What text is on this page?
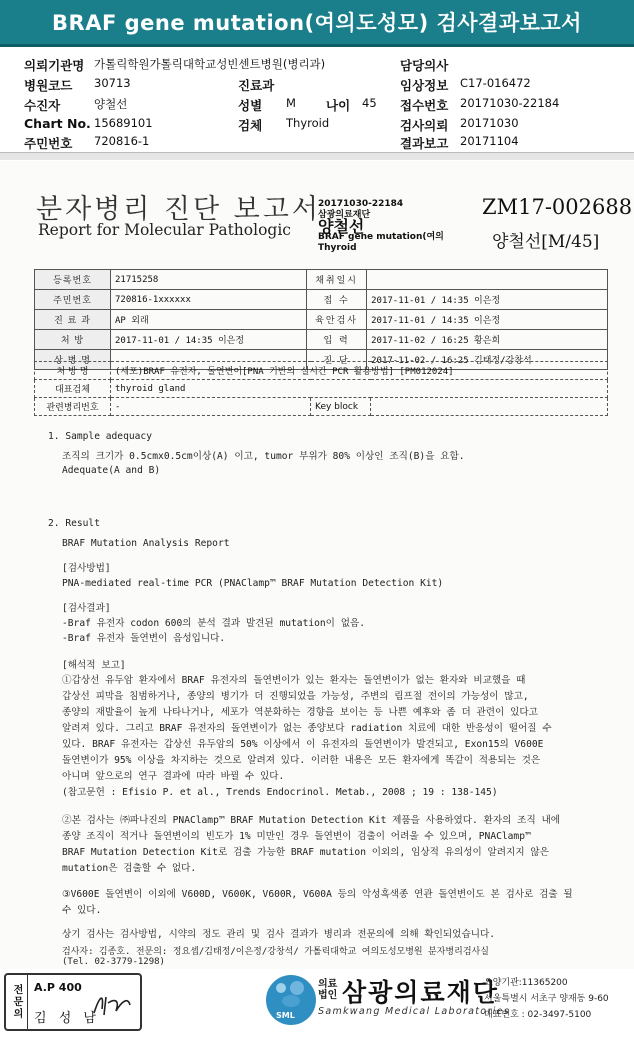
BRAF gene mutation(여의도성모) 검사결과보고서
의뢰기관명 가톨릭학원가톨릭대학교성빈센트병원(병리과)	담당의사
병원코드 30713	진료과	임상정보 C17-016472
수진자	양철선	성별 M 나이 45 접수번호 20171030-22184
Chart No. 15689101	검체 Thyroid	검사의뢰 20171030
주민번호 720816-1	결과보고 20171104
분자병리 진단 보고서
Report for Molecular Pathologic
20171030-22184
삼광의료재단
양철선
BRAF gene mutation(여의
Thyroid
ZM17-002688
양철선[M/45]
등록번호	21715258	채취일시	
주민번호	720816-1xxxxxx	접 수	2017-11-01 / 14:35 이은정
진 료 과	AP 외래	육안검사	2017-11-01 / 14:35 이은정
처 방	2017-11-01 / 14:35 이은정	입 력	2017-11-02 / 16:25 황은희
상 병 명		진 단	2017-11-02 / 16:25 김태정/강창석
처 방 명	(세포)BRAF 유전자, 돌연변이[PNA 기반의 실시간 PCR 활용방법] [PM012024]		
대표검체	thyroid gland		
관련병리번호	-	Key block	
1. Sample adequacy
조직의 크기가 0.5cmx0.5cm이상(A) 이고, tumor 부위가 80% 이상인 조직(B)을 요함.
Adequate(A and B)
2. Result
BRAF Mutation Analysis Report
[검사방법]
PNA-mediated real-time PCR (PNAClamp™ BRAF Mutation Detection Kit)
[검사결과]
-Braf 유전자 codon 600의 분석 결과 발견된 mutation이 없음.
-Braf 유전자 돌연변이 음성입니다.
[해석적 보고]
①갑상선 유두암 환자에서 BRAF 유전자의 돌연변이가 있는 환자는 돌연변이가 없는 환자와 비교했을 때
갑상선 피막을 침범하거나, 종양의 병기가 더 진행되었을 가능성, 주변의 림프절 전이의 가능성이 많고,
종양의 재발율이 높게 나타나거나, 세포가 역분화하는 경향을 보이는 등 나쁜 예후와 좀 더 관련이 있다고
알려져 있다. 그리고 BRAF 유전자의 돌연변이가 없는 종양보다 radiation 치료에 대한 반응성이 떨어질 수
있다. BRAF 유전자는 갑상선 유두암의 50% 이상에서 이 유전자의 돌연변이가 발견되고, Exon15의 V600E
돌연변이가 95% 이상을 차지하는 것으로 알려져 있다. 이러한 내용은 모든 환자에게 똑같이 적용되는 것은
아니며 앞으로의 연구 결과에 따라 바뀔 수 있다.
(참고문헌 : Efisio P. et al., Trends Endocrinol. Metab., 2008 ; 19 : 138-145)
②본 검사는 ㈜파나진의 PNAClamp™ BRAF Mutation Detection Kit 제품을 사용하였다. 환자의 조직 내에
종양 조직이 적거나 돌연변이의 빈도가 1% 미만인 경우 돌연변이 검출이 어려울 수 있으며, PNAClamp™
BRAF Mutation Detection Kit로 검출 가능한 BRAF mutation 이외의, 임상적 유의성이 알려지지 않은
mutation은 검출할 수 없다.
③V600E 돌연변이 이외에 V600D, V600K, V600R, V600A 등의 악성흑색종 연관 돌연변이도 본 검사로 검출 될
수 있다.
상기 검사는 검사방법, 시약의 정도 관리 및 검사 결과가 병리과 전문의에 의해 확인되었습니다.
검사자: 김종호. 전문의: 정요셉/김태정/이은정/강창석/ 가톨릭대학교 여의도성모병원 분자병리검사실
(Tel. 02-3779-1298)
전문의	A.P 400
김 성 남	SML
의료법인 삼광의료재단
Samkwang Medical Laboratories
요양기관:11365200
서울특별시 서초구 양재동 9-60
대표번호 : 02-3497-5100
